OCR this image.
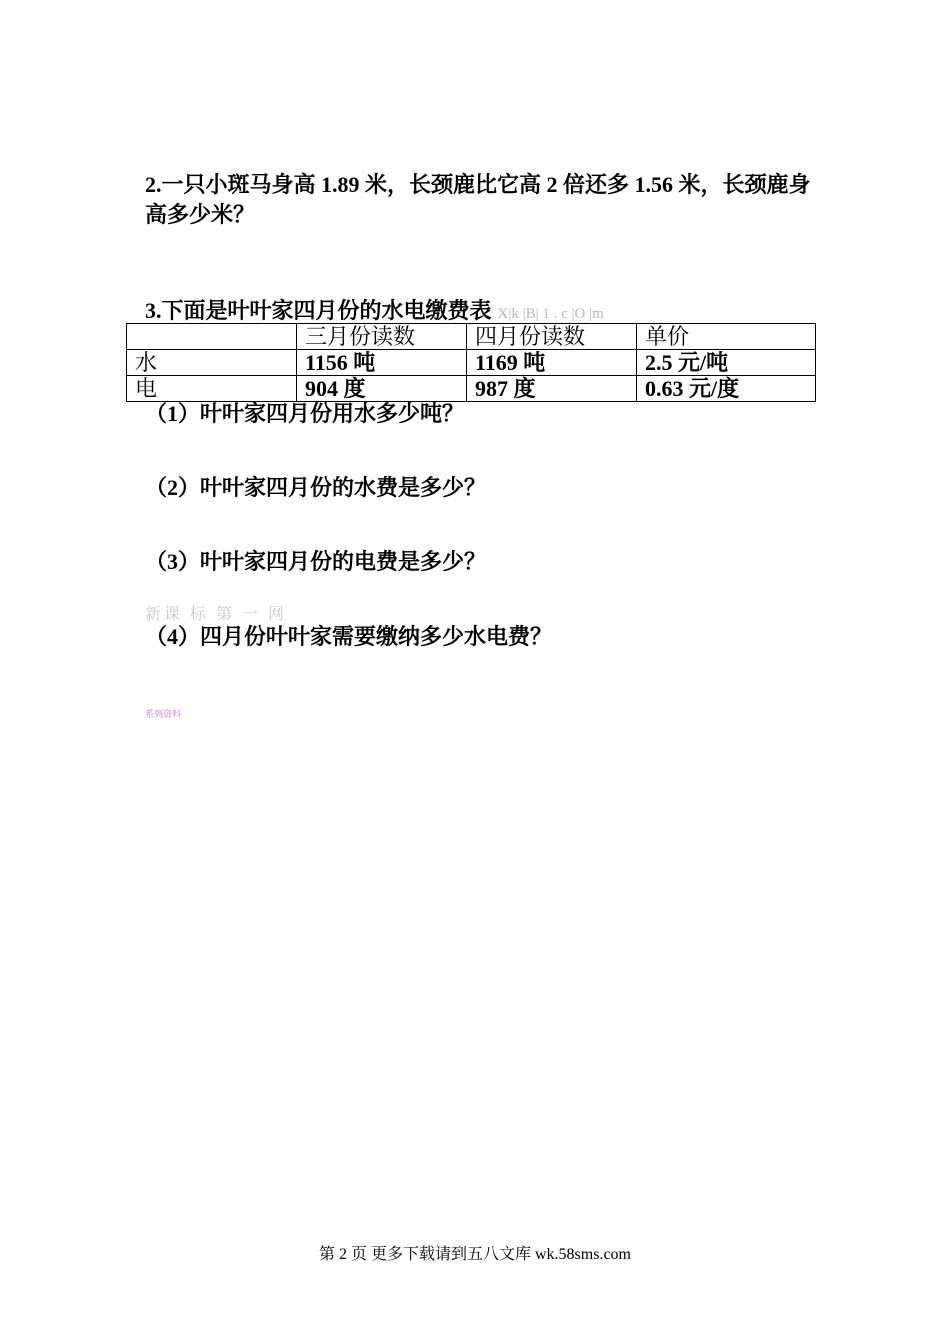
2.一只小斑马身高 1.89 米，长颈鹿比它高 2 倍还多 1.56 米，长颈鹿身高多少米？
3.下面是叶叶家四月份的水电缴费表 X|k |B| 1 . c |O |m
	三月份读数	四月份读数	单价
水	1156 吨	1169 吨	2.5 元/吨
电	904 度	987 度	0.63 元/度
（1）叶叶家四月份用水多少吨？
（2）叶叶家四月份的水费是多少？
（3）叶叶家四月份的电费是多少？
新课 标 第 一 网
（4）四月份叶叶家需要缴纳多少水电费？
系列资料
第 2 页 更多下载请到五八文库 wk.58sms.com
